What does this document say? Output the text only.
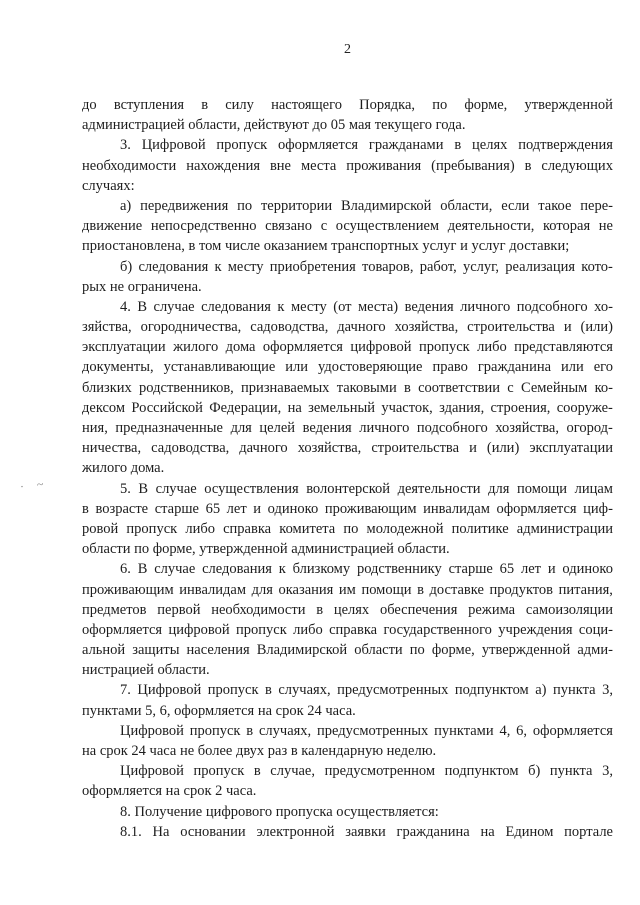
2
· ~
до вступления в силу настоящего Порядка, по форме, утвержденной
администрацией области, действуют до 05 мая текущего года.
3. Цифровой пропуск оформляется гражданами в целях подтверждения
необходимости нахождения вне места проживания (пребывания) в следующих
случаях:
а) передвижения по территории Владимирской области, если такое пере-
движение непосредственно связано с осуществлением деятельности, которая не
приостановлена, в том числе оказанием транспортных услуг и услуг доставки;
б) следования к месту приобретения товаров, работ, услуг, реализация кото-
рых не ограничена.
4. В случае следования к месту (от места) ведения личного подсобного хо-
зяйства, огородничества, садоводства, дачного хозяйства, строительства и (или)
эксплуатации жилого дома оформляется цифровой пропуск либо представляются
документы, устанавливающие или удостоверяющие право гражданина или его
близких родственников, признаваемых таковыми в соответствии с Семейным ко-
дексом Российской Федерации, на земельный участок, здания, строения, сооруже-
ния, предназначенные для целей ведения личного подсобного хозяйства, огород-
ничества, садоводства, дачного хозяйства, строительства и (или) эксплуатации
жилого дома.
5. В случае осуществления волонтерской деятельности для помощи лицам
в возрасте старше 65 лет и одиноко проживающим инвалидам оформляется циф-
ровой пропуск либо справка комитета по молодежной политике администрации
области по форме, утвержденной администрацией области.
6. В случае следования к близкому родственнику старше 65 лет и одиноко
проживающим инвалидам для оказания им помощи в доставке продуктов питания,
предметов первой необходимости в целях обеспечения режима самоизоляции
оформляется цифровой пропуск либо справка государственного учреждения соци-
альной защиты населения Владимирской области по форме, утвержденной адми-
нистрацией области.
7. Цифровой пропуск в случаях, предусмотренных подпунктом а) пункта 3,
пунктами 5, 6, оформляется на срок 24 часа.
Цифровой пропуск в случаях, предусмотренных пунктами 4, 6, оформляется
на срок 24 часа не более двух раз в календарную неделю.
Цифровой пропуск в случае, предусмотренном подпунктом б) пункта 3,
оформляется на срок 2 часа.
8. Получение цифрового пропуска осуществляется:
8.1. На основании электронной заявки гражданина на Едином портале
